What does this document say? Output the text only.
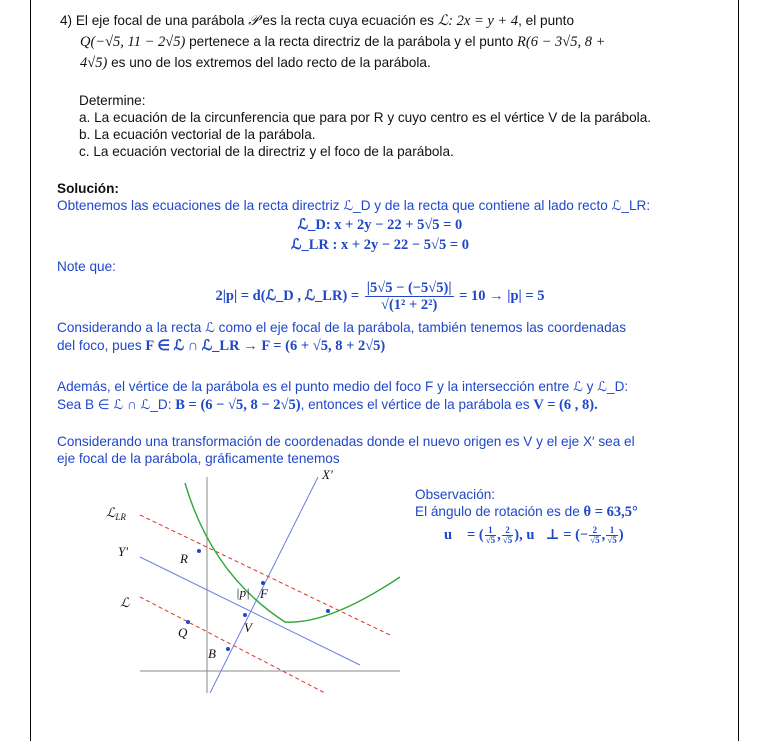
4) El eje focal de una parábola 𝒫 es la recta cuya ecuación es ℒ: 2x = y + 4, el punto
Q(−√5, 11 − 2√5) pertenece a la recta directriz de la parábola y el punto R(6 − 3√5, 8 +
4√5) es uno de los extremos del lado recto de la parábola.
Determine:
a. La ecuación de la circunferencia que para por R y cuyo centro es el vértice V de la parábola.
b. La ecuación vectorial de la parábola.
c. La ecuación vectorial de la directriz y el foco de la parábola.
Solución:
Obtenemos las ecuaciones de la recta directriz ℒ_D y de la recta que contiene al lado recto ℒ_LR:
ℒ_D: x + 2y − 22 + 5√5 = 0
ℒ_LR : x + 2y − 22 − 5√5 = 0
Note que:
2|p| = d(ℒ_D , ℒ_LR) = $\frac{|5√5 - (-5√5)|}{\text{√(1² + 2²)}} = 10 \to |p| = 5$
Considerando a la recta ℒ como el eje focal de la parábola, también tenemos las coordenadas
del foco, pues F ∈ ℒ ∩ ℒ_LR → F = (6 + √5, 8 + 2√5)
Además, el vértice de la parábola es el punto medio del foco F y la intersección entre ℒ y ℒ_D:
Sea B ∈ ℒ ∩ ℒ_D: B = (6 − √5, 8 − 2√5), entonces el vértice de la parábola es V = (6 , 8).
Considerando una transformación de coordenadas donde el nuevo origen es V y el eje X′ sea el
eje focal de la parábola, gráficamente tenemos
Observación:
El ángulo de rotación es de θ = 63,5°
u⃗ = ( $\frac{1}{√5}$ , $\frac{2}{√5}$ ), u⃗⊥ = (− $\frac{2}{√5}$ , $\frac{1}{√5}$ )
X′
ℒ$_{LR}$
Y′	R
ℒ
|p| F
Q	V
B
